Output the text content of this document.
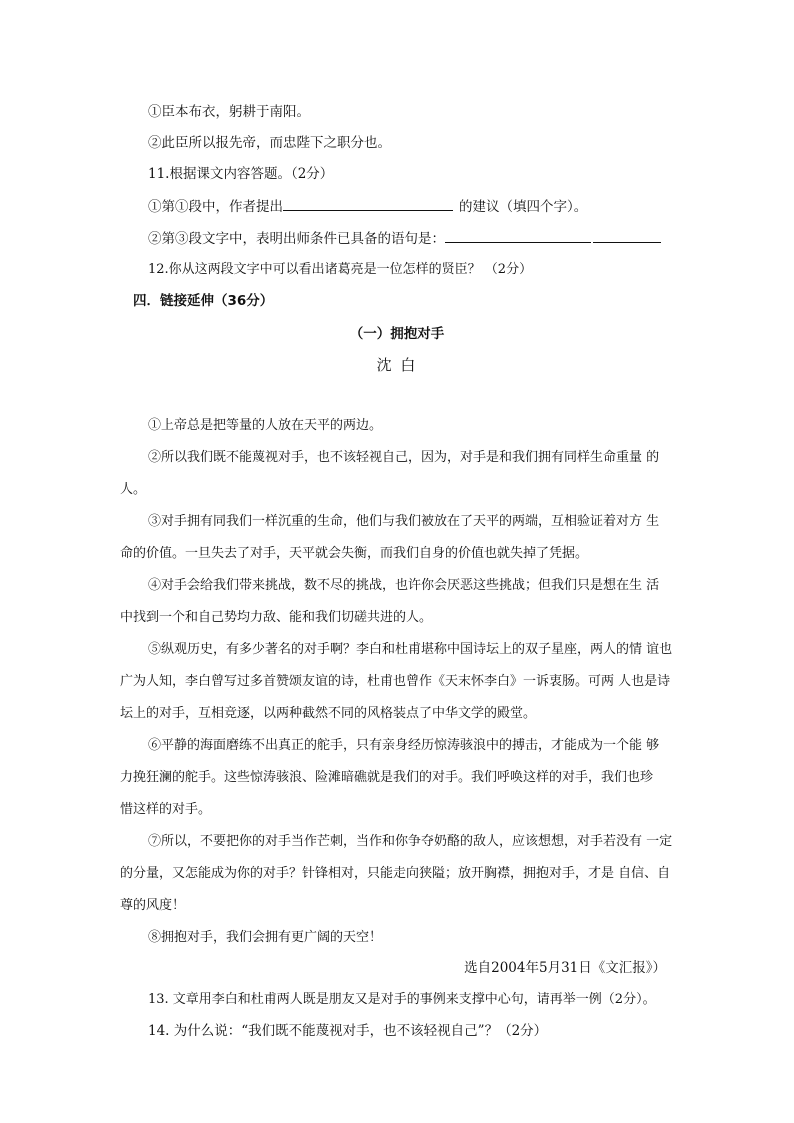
①臣本布衣，躬耕于南阳。
②此臣所以报先帝，而忠陛下之职分也。
11.根据课文内容答题。（2分）
①第①段中，作者提出	的建议（填四个字）。
②第③段文字中，表明出师条件已具备的语句是：
12.你从这两段文字中可以看出诸葛亮是一位怎样的贤臣？ （2分）
四．链接延伸（36分）
（一）拥抱对手
沈 白
①上帝总是把等量的人放在天平的两边。
②所以我们既不能蔑视对手，也不该轻视自己，因为，对手是和我们拥有同样生命重量 的
人。
③对手拥有同我们一样沉重的生命，他们与我们被放在了天平的两端，互相验证着对方 生
命的价值。一旦失去了对手，天平就会失衡，而我们自身的价值也就失掉了凭据。
④对手会给我们带来挑战，数不尽的挑战，也许你会厌恶这些挑战；但我们只是想在生 活
中找到一个和自己势均力敌、能和我们切磋共进的人。
⑤纵观历史，有多少著名的对手啊？李白和杜甫堪称中国诗坛上的双子星座，两人的情 谊也
广为人知，李白曾写过多首赞颂友谊的诗，杜甫也曾作《天末怀李白》一诉衷肠。可两 人也是诗
坛上的对手，互相竞逐，以两种截然不同的风格装点了中华文学的殿堂。
⑥平静的海面磨练不出真正的舵手，只有亲身经历惊涛骇浪中的搏击，才能成为一个能 够
力挽狂澜的舵手。这些惊涛骇浪、险滩暗礁就是我们的对手。我们呼唤这样的对手，我们也珍
惜这样的对手。
⑦所以，不要把你的对手当作芒刺，当作和你争夺奶酪的敌人，应该想想，对手若没有 一定
的分量，又怎能成为你的对手？针锋相对，只能走向狭隘；放开胸襟，拥抱对手，才是 自信、自
尊的风度！
⑧拥抱对手，我们会拥有更广阔的天空！
选自2004年5月31日《文汇报》）
13. 文章用李白和杜甫两人既是朋友又是对手的事例来支撑中心句，请再举一例（2分）。
14. 为什么说：“我们既不能蔑视对手，也不该轻视自己”？（2分）
